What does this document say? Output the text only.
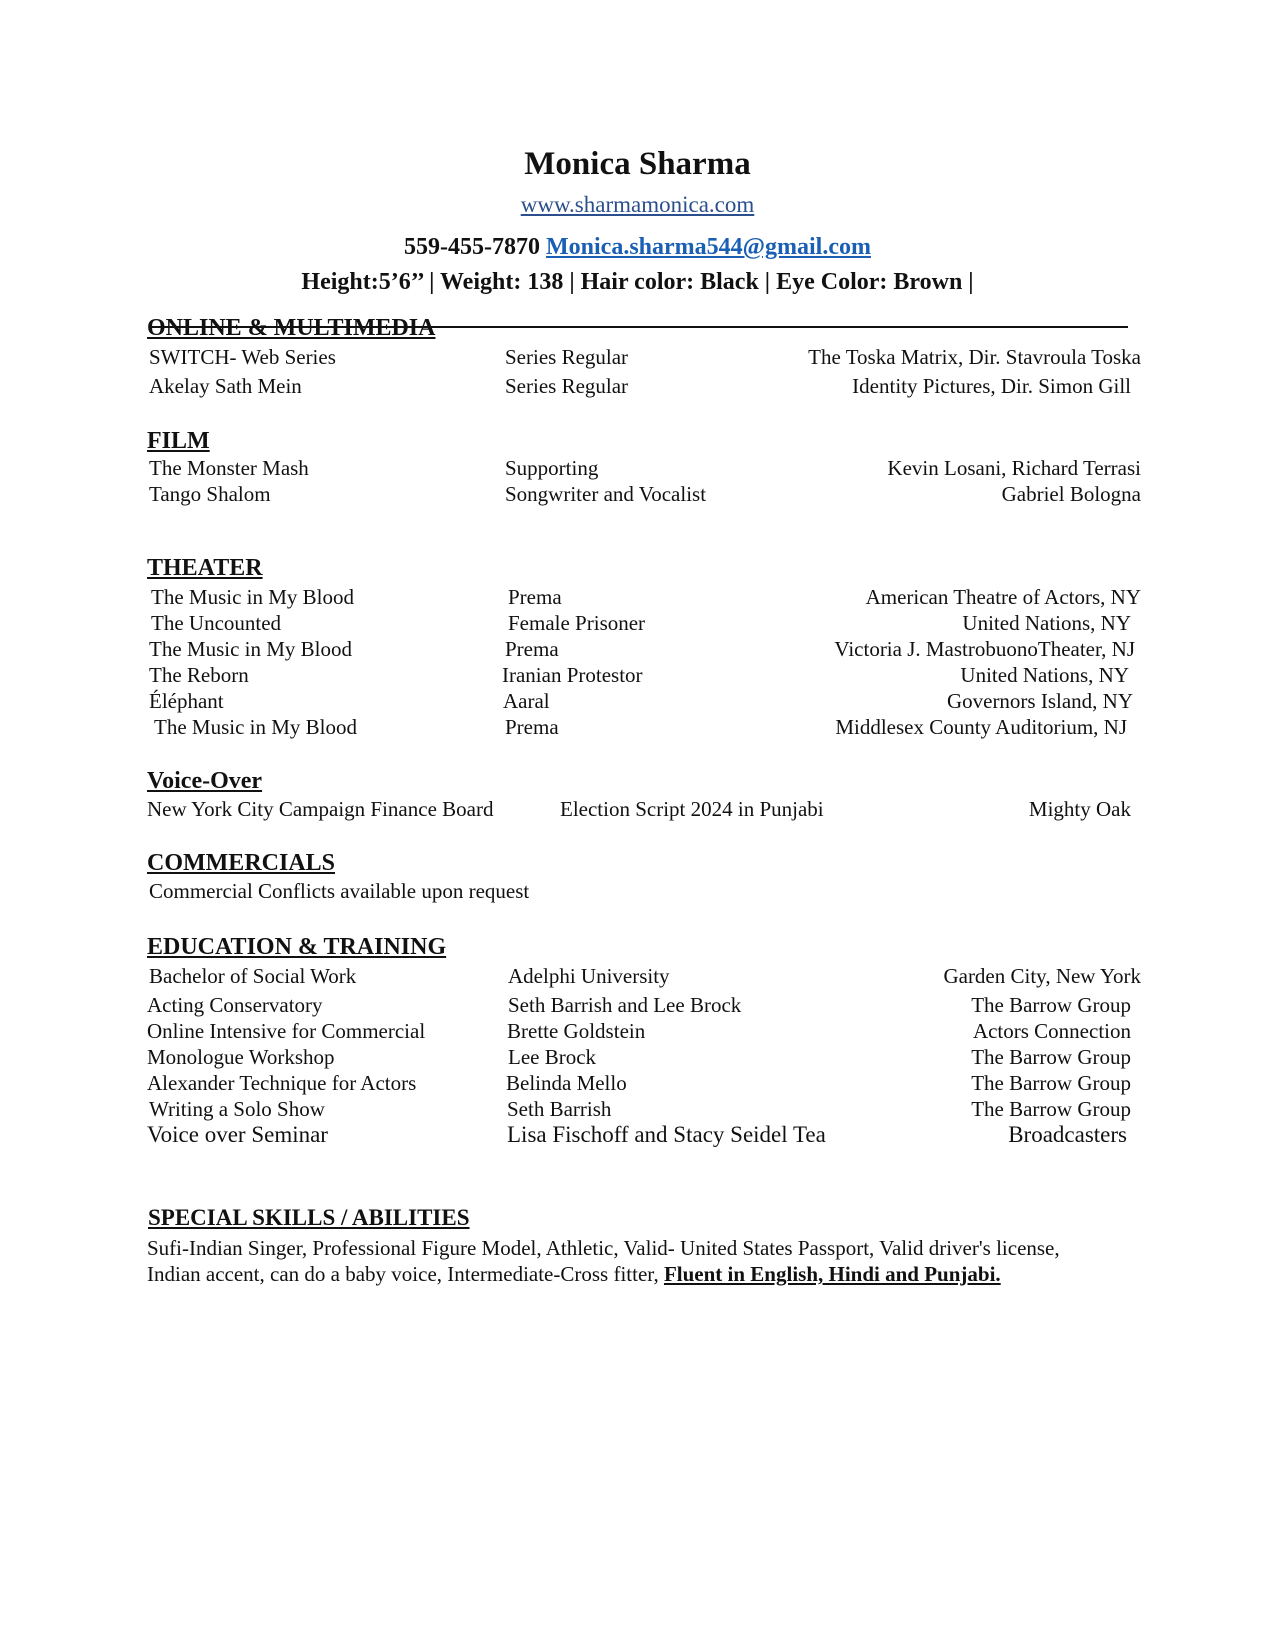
Monica Sharma
www.sharmamonica.com
559-455-7870 Monica.sharma544@gmail.com
Height:5’6’’ | Weight: 138 | Hair color: Black | Eye Color: Brown |
ONLINE & MULTIMEDIA
SWITCH- Web Series	Series Regular	The Toska Matrix, Dir. Stavroula Toska
Akelay Sath Mein	Series Regular	Identity Pictures, Dir. Simon Gill
FILM
The Monster Mash	Supporting	Kevin Losani, Richard Terrasi
Tango Shalom	Songwriter and Vocalist	Gabriel Bologna
THEATER
The Music in My Blood	Prema	American Theatre of Actors, NY
The Uncounted	Female Prisoner	United Nations, NY
The Music in My Blood	Prema	Victoria J. MastrobuonoTheater, NJ
The Reborn	Iranian Protestor	United Nations, NY
Éléphant	Aaral	Governors Island, NY
The Music in My Blood	Prema	Middlesex County Auditorium, NJ
Voice-Over
New York City Campaign Finance Board	Election Script 2024 in Punjabi	Mighty Oak
COMMERCIALS
Commercial Conflicts available upon request
EDUCATION & TRAINING
Bachelor of Social Work	Adelphi University	Garden City, New York
Acting Conservatory	Seth Barrish and Lee Brock	The Barrow Group
Online Intensive for Commercial	Brette Goldstein	Actors Connection
Monologue Workshop	Lee Brock	The Barrow Group
Alexander Technique for Actors	Belinda Mello	The Barrow Group
Writing a Solo Show	Seth Barrish	The Barrow Group
Voice over Seminar	Lisa Fischoff and Stacy Seidel Tea	Broadcasters
SPECIAL SKILLS / ABILITIES
Sufi-Indian Singer, Professional Figure Model, Athletic, Valid- United States Passport, Valid driver's license, Indian accent, can do a baby voice, Intermediate-Cross fitter, Fluent in English, Hindi and Punjabi.
